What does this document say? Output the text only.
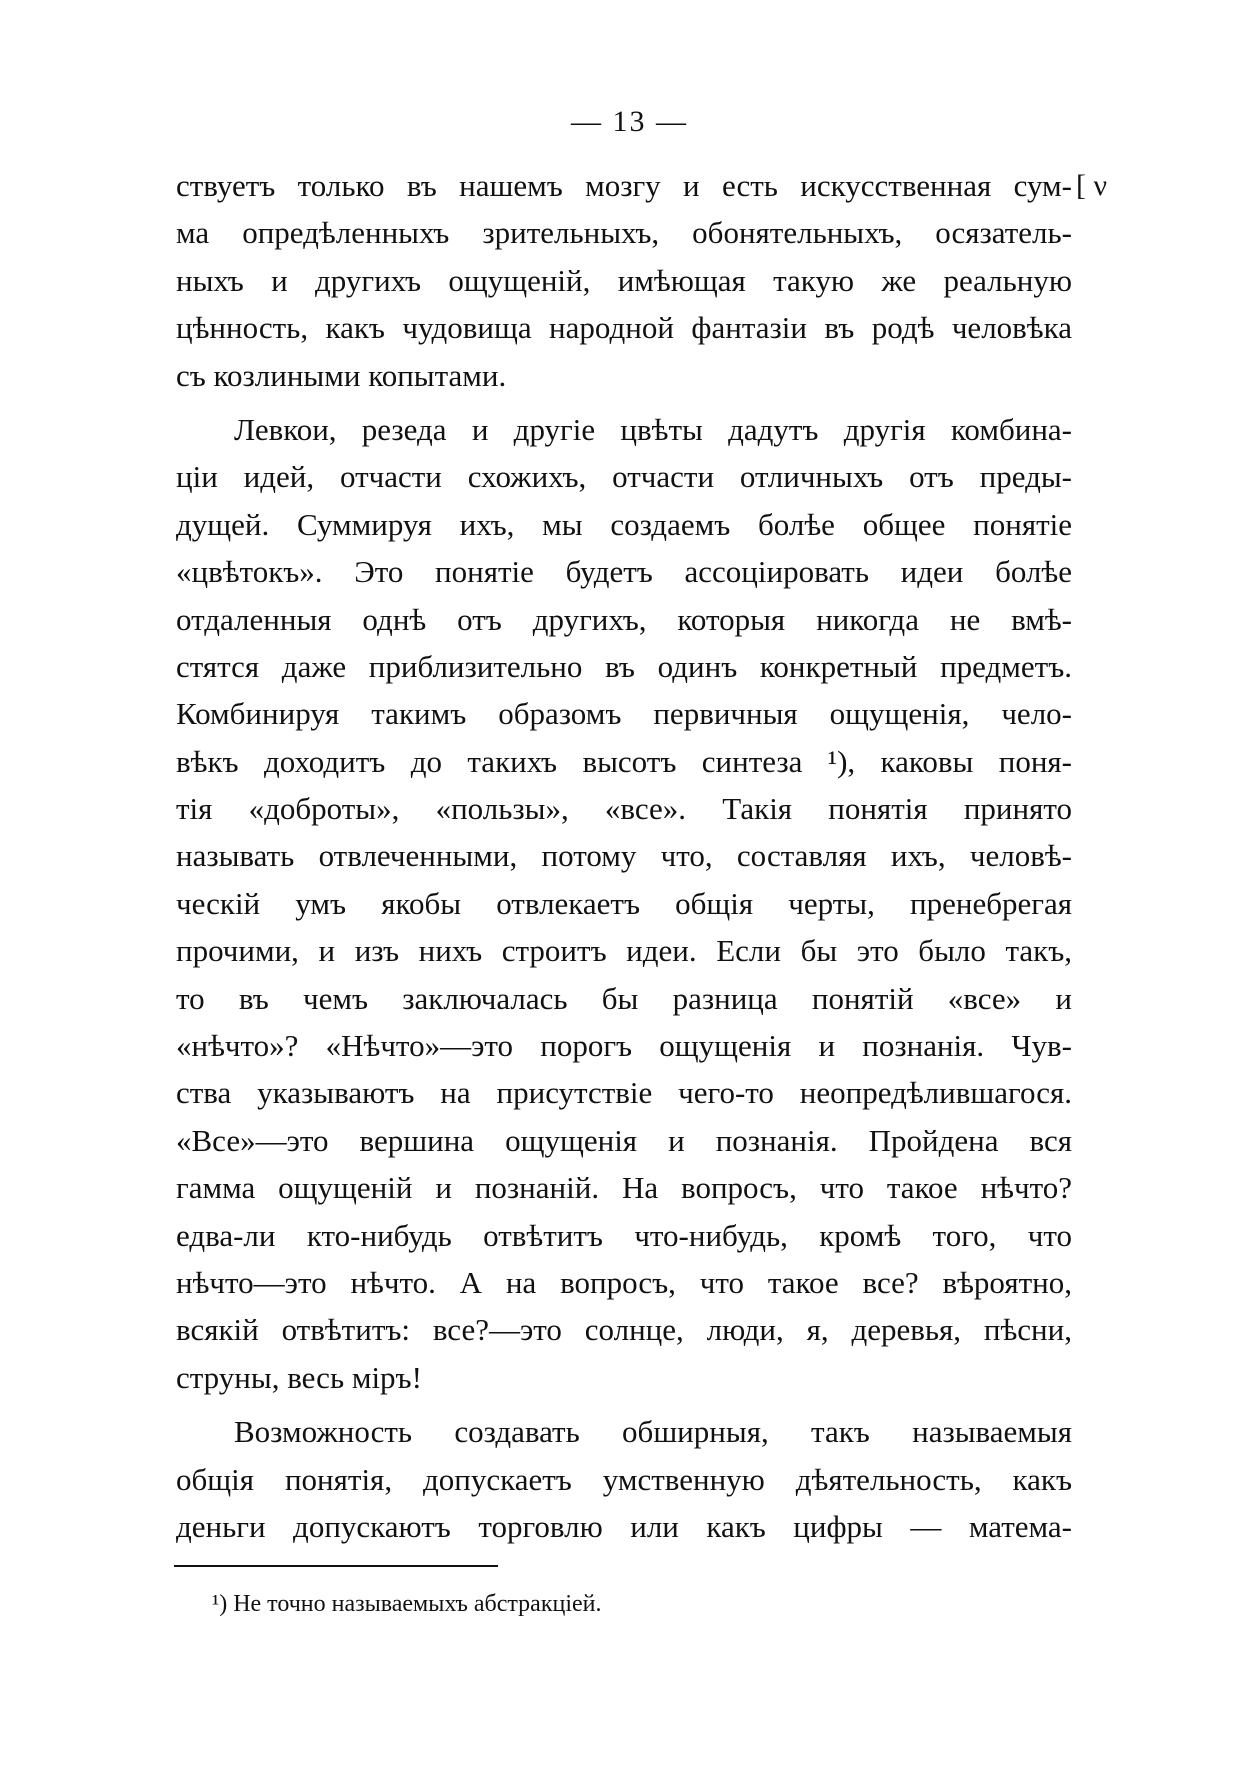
— 13 —
[ ν
ствуетъ только въ нашемъ мозгу и есть искусственная сум-
ма опредѣленныхъ зрительныхъ, обонятельныхъ, осязатель-
ныхъ и другихъ ощущеній, имѣющая такую же реальную
цѣнность, какъ чудовища народной фантазіи въ родѣ человѣка
съ козлиными копытами.
Левкои, резеда и другіе цвѣты дадутъ другія комбина-
ціи идей, отчасти схожихъ, отчасти отличныхъ отъ преды-
дущей. Суммируя ихъ, мы создаемъ болѣе общее понятіе
«цвѣтокъ». Это понятіе будетъ ассоціировать идеи болѣе
отдаленныя однѣ отъ другихъ, которыя никогда не вмѣ-
стятся даже приблизительно въ одинъ конкретный предметъ.
Комбинируя такимъ образомъ первичныя ощущенія, чело-
вѣкъ доходитъ до такихъ высотъ синтеза ¹), каковы поня-
тія «доброты», «пользы», «все». Такія понятія принято
называть отвлеченными, потому что, составляя ихъ, человѣ-
ческій умъ якобы отвлекаетъ общія черты, пренебрегая
прочими, и изъ нихъ строитъ идеи. Если бы это было такъ,
то въ чемъ заключалась бы разница понятій «все» и
«нѣчто»? «Нѣчто»—это порогъ ощущенія и познанія. Чув-
ства указываютъ на присутствіе чего-то неопредѣлившагося.
«Все»—это вершина ощущенія и познанія. Пройдена вся
гамма ощущеній и познаній. На вопросъ, что такое нѣчто?
едва-ли кто-нибудь отвѣтитъ что-нибудь, кромѣ того, что
нѣчто—это нѣчто. А на вопросъ, что такое все? вѣроятно,
всякій отвѣтитъ: все?—это солнце, люди, я, деревья, пѣсни,
струны, весь міръ!
Возможность создавать обширныя, такъ называемыя
общія понятія, допускаетъ умственную дѣятельность, какъ
деньги допускаютъ торговлю или какъ цифры — матема-
¹) Не точно называемыхъ абстракціей.
